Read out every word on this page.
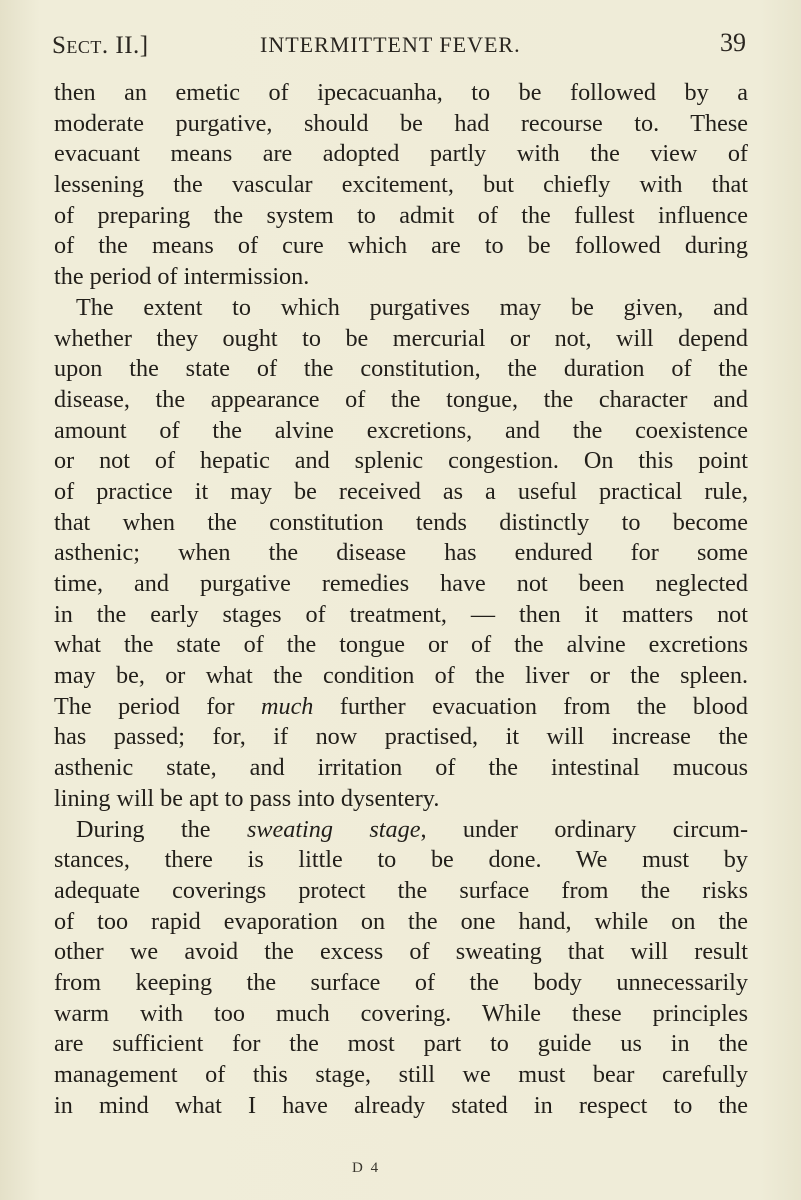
Sect. II.]	INTERMITTENT FEVER.	39
then an emetic of ipecacuanha, to be followed by a
moderate purgative, should be had recourse to. These
evacuant means are adopted partly with the view of
lessening the vascular excitement, but chiefly with that
of preparing the system to admit of the fullest influence
of the means of cure which are to be followed during
the period of intermission.
The extent to which purgatives may be given, and
whether they ought to be mercurial or not, will depend
upon the state of the constitution, the duration of the
disease, the appearance of the tongue, the character and
amount of the alvine excretions, and the coexistence
or not of hepatic and splenic congestion. On this point
of practice it may be received as a useful practical rule,
that when the constitution tends distinctly to become
asthenic; when the disease has endured for some
time, and purgative remedies have not been neglected
in the early stages of treatment, — then it matters not
what the state of the tongue or of the alvine excretions
may be, or what the condition of the liver or the spleen.
The period for much further evacuation from the blood
has passed; for, if now practised, it will increase the
asthenic state, and irritation of the intestinal mucous
lining will be apt to pass into dysentery.
During the sweating stage, under ordinary circum-
stances, there is little to be done. We must by
adequate coverings protect the surface from the risks
of too rapid evaporation on the one hand, while on the
other we avoid the excess of sweating that will result
from keeping the surface of the body unnecessarily
warm with too much covering. While these principles
are sufficient for the most part to guide us in the
management of this stage, still we must bear carefully
in mind what I have already stated in respect to the
D 4
